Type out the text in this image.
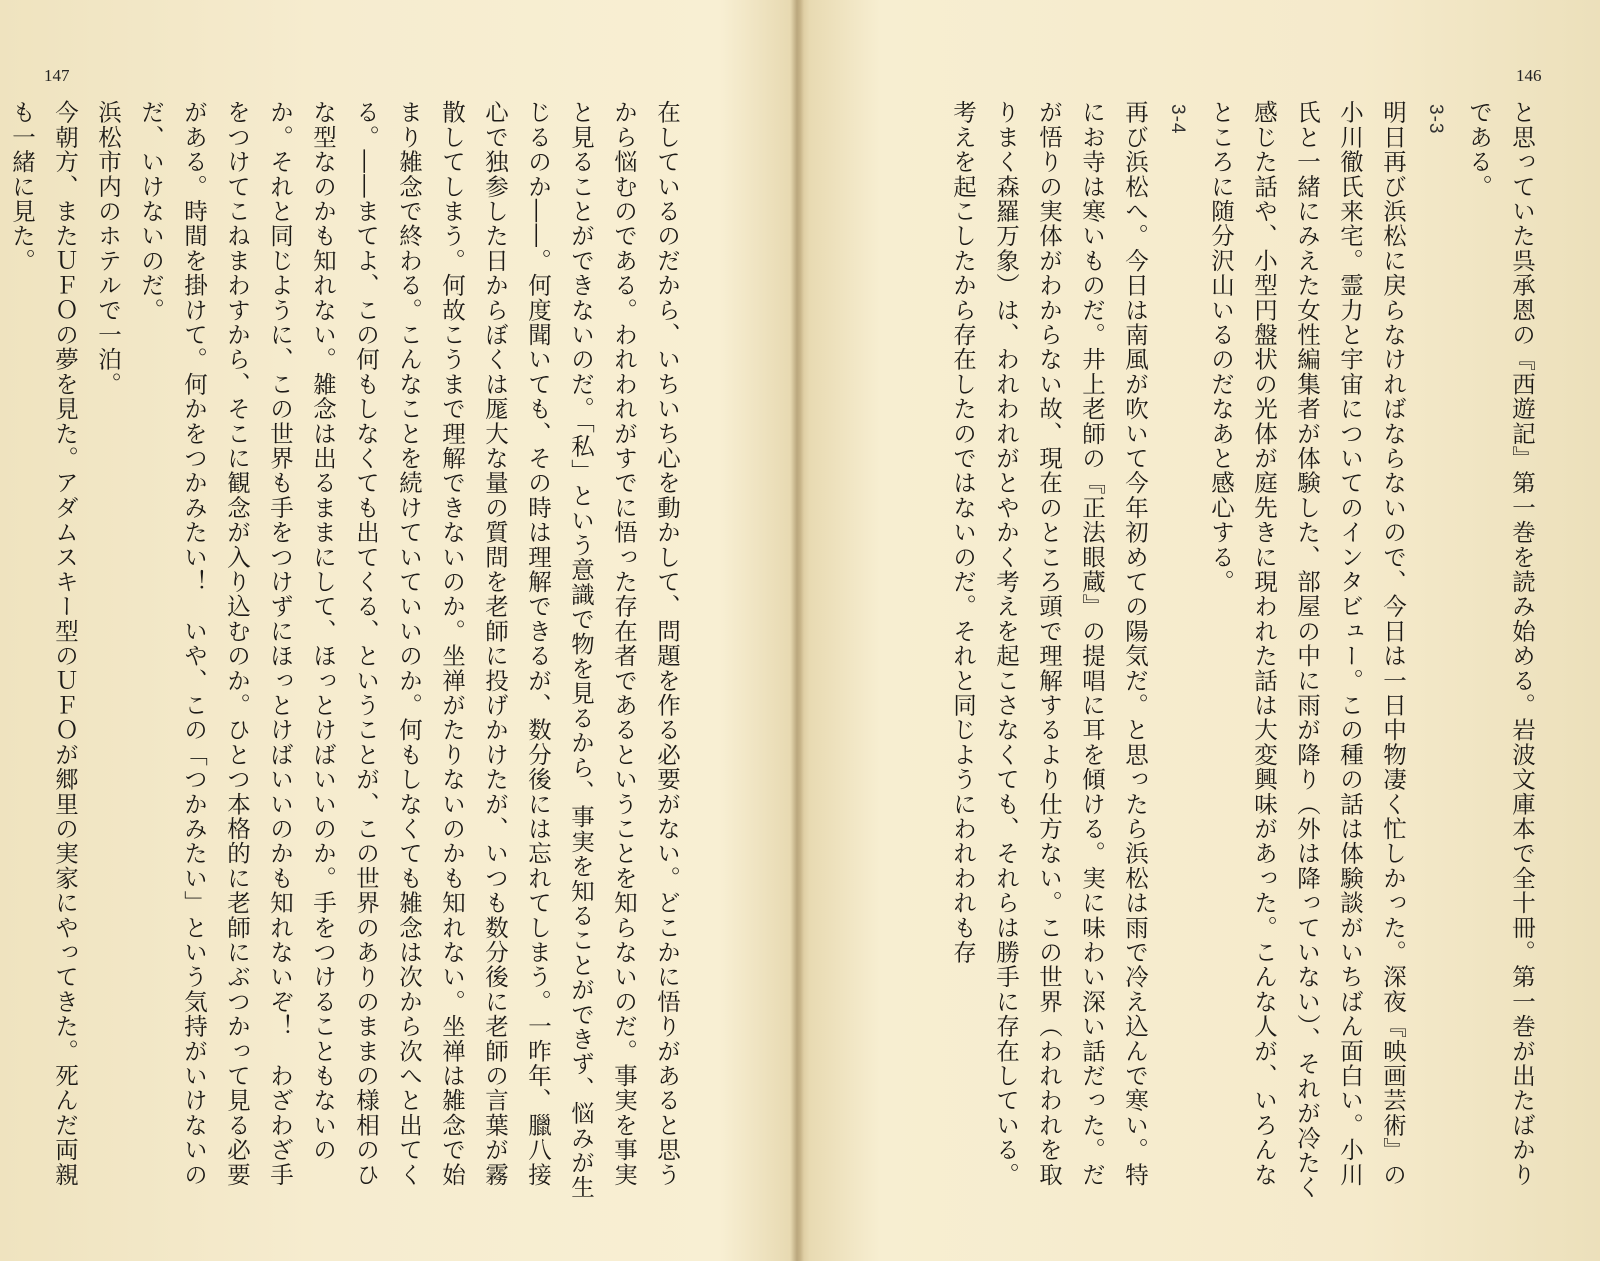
147	146

と思っていた呉承恩の『西遊記』第一巻を読み始める。岩波文庫本で全十冊。第一巻が出たばかりである。

3-3

明日再び浜松に戻らなければならないので、今日は一日中物凄く忙しかった。深夜『映画芸術』の小川徹氏来宅。霊力と宇宙についてのインタビュー。この種の話は体験談がいちばん面白い。小川氏と一緒にみえた女性編集者が体験した、部屋の中に雨が降り（外は降っていない）、それが冷たく感じた話や、小型円盤状の光体が庭先きに現われた話は大変興味があった。こんな人が、いろんなところに随分沢山いるのだなあと感心する。

3-4

再び浜松へ。今日は南風が吹いて今年初めての陽気だ。と思ったら浜松は雨で冷え込んで寒い。特にお寺は寒いものだ。井上老師の『正法眼蔵』の提唱に耳を傾ける。実に味わい深い話だった。だが悟りの実体がわからない故、現在のところ頭で理解するより仕方ない。この世界（われわれを取りまく森羅万象）は、われわれがとやかく考えを起こさなくても、それらは勝手に存在している。考えを起こしたから存在したのではないのだ。それと同じようにわれわれも存

在しているのだから、いちいち心を動かして、問題を作る必要がない。どこかに悟りがあると思うから悩むのである。われわれがすでに悟った存在者であるということを知らないのだ。事実を事実と見ることができないのだ。「私」という意識で物を見るから、事実を知ることができず、悩みが生じるのか――。何度聞いても、その時は理解できるが、数分後には忘れてしまう。一昨年、臘八接心で独参した日からぼくは厖大な量の質問を老師に投げかけたが、いつも数分後に老師の言葉が霧散してしまう。何故こうまで理解できないのか。坐禅がたりないのかも知れない。坐禅は雑念で始まり雑念で終わる。こんなことを続けていていいのか。何もしなくても雑念は次から次へと出てくる。――まてよ、この何もしなくても出てくる、ということが、この世界のありのままの様相のひな型なのかも知れない。雑念は出るままにして、ほっとけばいいのか。手をつけることもないのか。それと同じように、この世界も手をつけずにほっとけばいいのかも知れないぞ！　わざわざ手をつけてこねまわすから、そこに観念が入り込むのか。ひとつ本格的に老師にぶつかって見る必要がある。時間を掛けて。何かをつかみたい！　いや、この「つかみたい」という気持がいけないのだ、いけないのだ。

浜松市内のホテルで一泊。

今朝方、またＵＦＯの夢を見た。アダムスキー型のＵＦＯが郷里の実家にやってきた。死んだ両親も一緒に見た。
